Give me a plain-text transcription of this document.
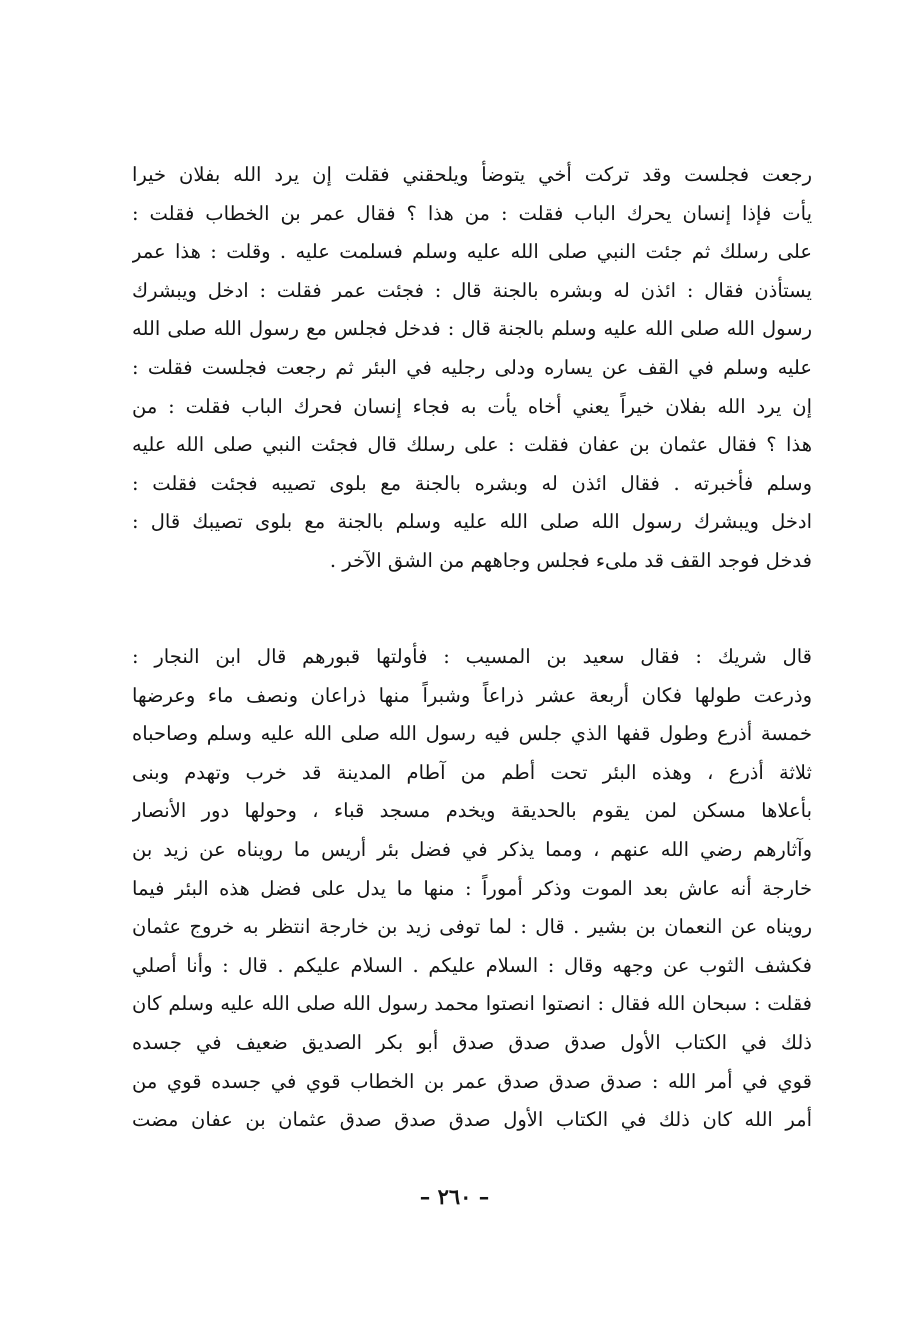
رجعت فجلست وقد تركت أخي يتوضأ ويلحقني فقلت إن يرد الله بفلان خيرا
يأت فإذا إنسان يحرك الباب فقلت : من هذا ؟ فقال عمر بن الخطاب فقلت :
على رسلك ثم جئت النبي صلى الله عليه وسلم فسلمت عليه . وقلت : هذا عمر
يستأذن فقال : ائذن له وبشره بالجنة قال : فجئت عمر فقلت : ادخل ويبشرك
رسول الله صلى الله عليه وسلم بالجنة قال : فدخل فجلس مع رسول الله صلى الله
عليه وسلم في القف عن يساره ودلى رجليه في البئر ثم رجعت فجلست فقلت :
إن يرد الله بفلان خيراً يعني أخاه يأت به فجاء إنسان فحرك الباب فقلت : من
هذا ؟ فقال عثمان بن عفان فقلت : على رسلك قال فجئت النبي صلى الله عليه
وسلم فأخبرته . فقال ائذن له وبشره بالجنة مع بلوى تصيبه فجئت فقلت :
ادخل ويبشرك رسول الله صلى الله عليه وسلم بالجنة مع بلوى تصيبك قال :
فدخل فوجد القف قد ملىء فجلس وجاههم من الشق الآخر .
قال شريك : فقال سعيد بن المسيب : فأولتها قبورهم قال ابن النجار :
وذرعت طولها فكان أربعة عشر ذراعاً وشبراً منها ذراعان ونصف ماء وعرضها
خمسة أذرع وطول قفها الذي جلس فيه رسول الله صلى الله عليه وسلم وصاحباه
ثلاثة أذرع ، وهذه البئر تحت أطم من آطام المدينة قد خرب وتهدم وبنى
بأعلاها مسكن لمن يقوم بالحديقة ويخدم مسجد قباء ، وحولها دور الأنصار
وآثارهم رضي الله عنهم ، ومما يذكر في فضل بئر أريس ما رويناه عن زيد بن
خارجة أنه عاش بعد الموت وذكر أموراً : منها ما يدل على فضل هذه البئر فيما
رويناه عن النعمان بن بشير . قال : لما توفى زيد بن خارجة انتظر به خروج عثمان
فكشف الثوب عن وجهه وقال : السلام عليكم . السلام عليكم . قال : وأنا أصلي
فقلت : سبحان الله فقال : انصتوا انصتوا محمد رسول الله صلى الله عليه وسلم كان
ذلك في الكتاب الأول صدق صدق صدق أبو بكر الصديق ضعيف في جسده
قوي في أمر الله : صدق صدق صدق عمر بن الخطاب قوي في جسده قوي من
أمر الله كان ذلك في الكتاب الأول صدق صدق صدق عثمان بن عفان مضت
– ٢٦٠ –
